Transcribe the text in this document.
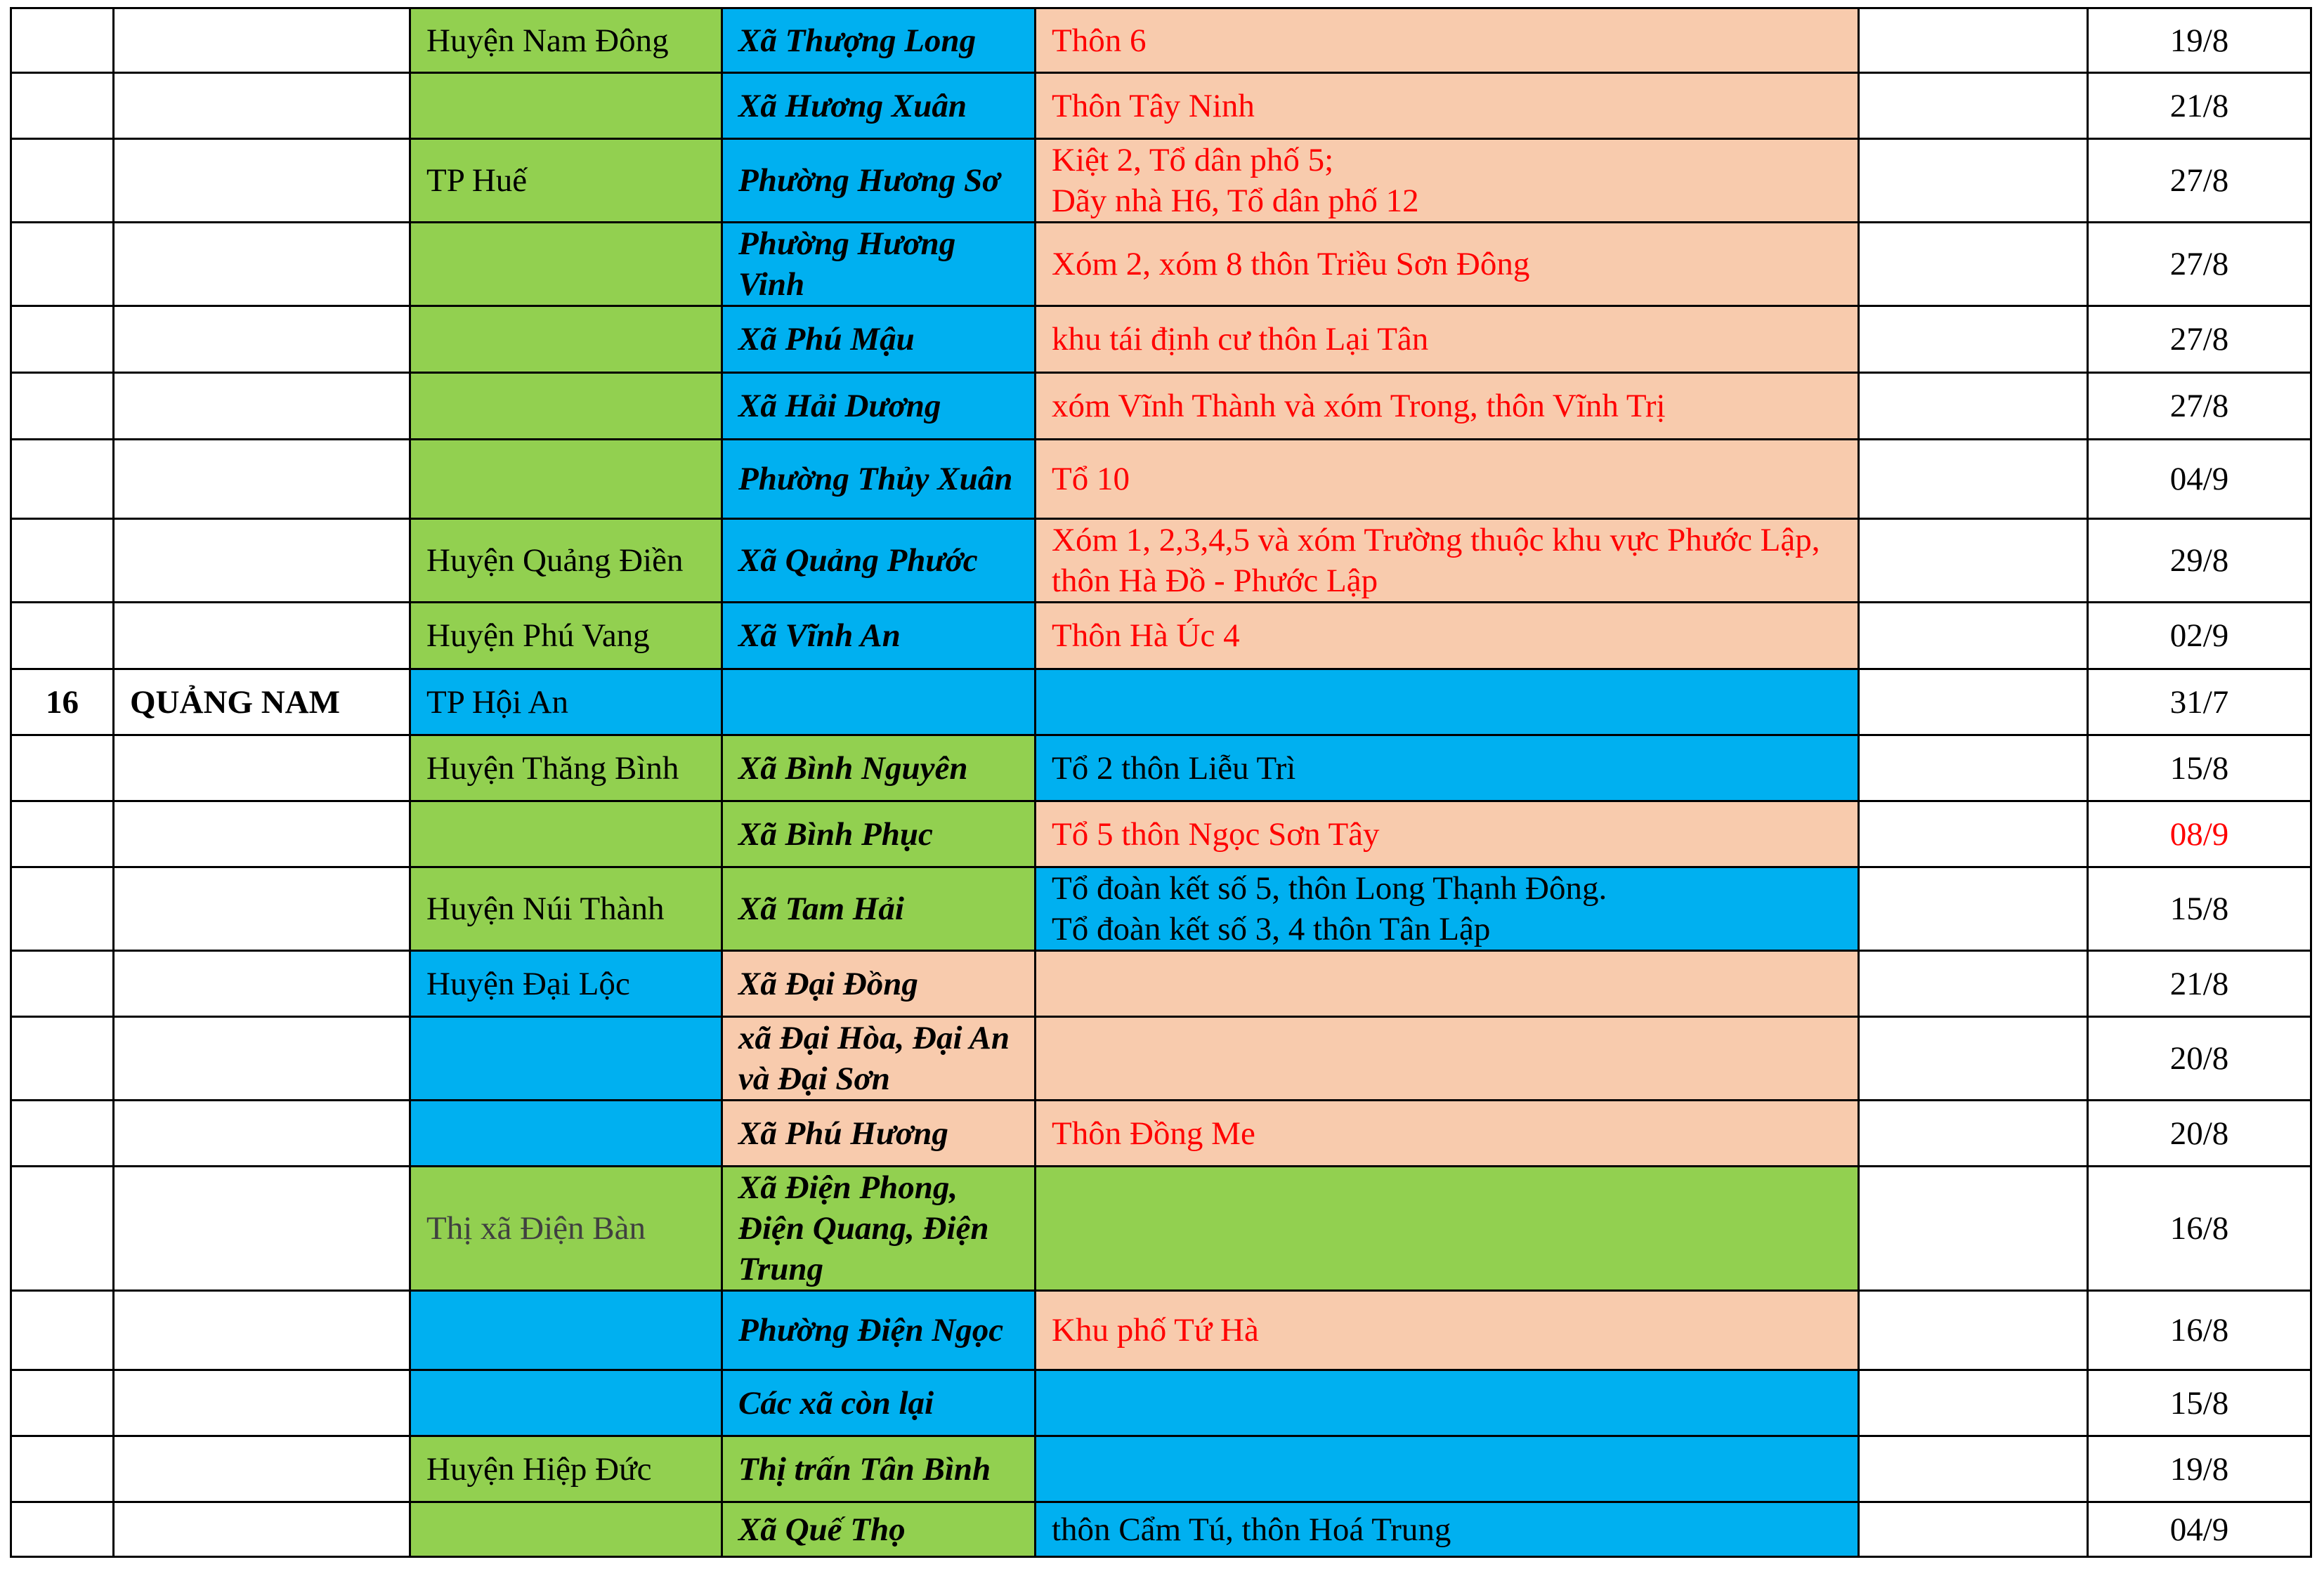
		Huyện Nam Đông	Xã Thượng Long	Thôn 6		19/8
			Xã Hương Xuân	Thôn Tây Ninh		21/8
		TP Huế	Phường Hương Sơ	Kiệt 2, Tổ dân phố 5;
Dãy nhà H6, Tổ dân phố 12		27/8
			Phường Hương Vinh	Xóm 2, xóm 8 thôn Triều Sơn Đông		27/8
			Xã Phú Mậu	khu tái định cư thôn Lại Tân		27/8
			Xã Hải Dương	xóm Vĩnh Thành và xóm Trong, thôn Vĩnh Trị		27/8
			Phường Thủy Xuân	Tổ 10		04/9
		Huyện Quảng Điền	Xã Quảng Phước	Xóm 1, 2,3,4,5 và xóm Trường thuộc khu vực Phước Lập, thôn Hà Đồ - Phước Lập		29/8
		Huyện Phú Vang	Xã Vĩnh An	Thôn Hà Úc 4		02/9
16	QUẢNG NAM	TP Hội An				31/7
		Huyện Thăng Bình	Xã Bình Nguyên	Tổ 2 thôn Liễu Trì		15/8
			Xã Bình Phục	Tổ 5 thôn Ngọc Sơn Tây		08/9
		Huyện Núi Thành	Xã Tam Hải	Tổ đoàn kết số 5, thôn Long Thạnh Đông.
Tổ đoàn kết số 3, 4 thôn Tân Lập		15/8
		Huyện Đại Lộc	Xã Đại Đồng			21/8
			xã Đại Hòa, Đại An và Đại Sơn			20/8
			Xã Phú Hương	Thôn Đồng Me		20/8
		Thị xã Điện Bàn	Xã Điện Phong, Điện Quang, Điện Trung			16/8
			Phường Điện Ngọc	Khu phố Tứ Hà		16/8
			Các xã còn lại			15/8
		Huyện Hiệp Đức	Thị trấn Tân Bình			19/8
			Xã Quế Thọ	thôn Cẩm Tú, thôn Hoá Trung		04/9
